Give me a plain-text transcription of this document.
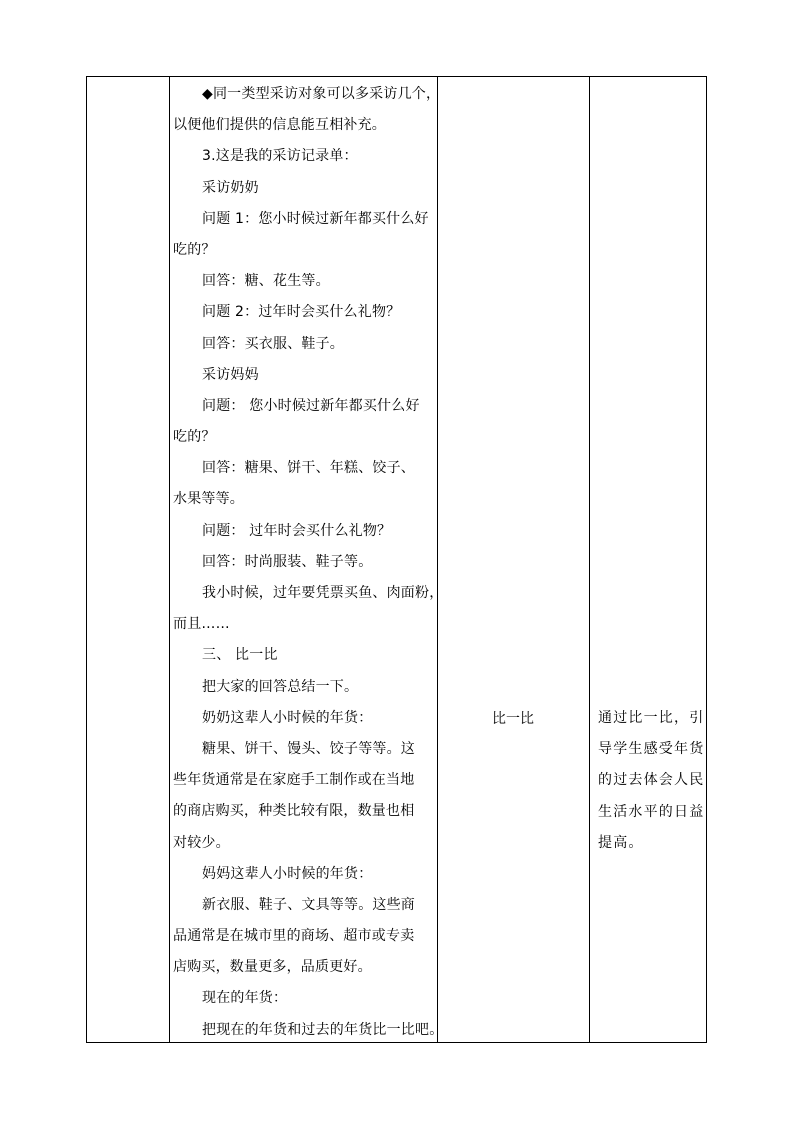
◆同一类型采访对象可以多采访几个，
以便他们提供的信息能互相补充。
3.这是我的采访记录单：
采访奶奶
问题 1：您小时候过新年都买什么好
吃的？
回答：糖、花生等。
问题 2：过年时会买什么礼物？
回答：买衣服、鞋子。
采访妈妈
问题： 您小时候过新年都买什么好
吃的？
回答：糖果、饼干、年糕、饺子、
水果等等。
问题： 过年时会买什么礼物？
回答：时尚服装、鞋子等。
我小时候，过年要凭票买鱼、肉面粉，
而且……
三、 比一比
把大家的回答总结一下。
奶奶这辈人小时候的年货：
糖果、饼干、馒头、饺子等等。这
些年货通常是在家庭手工制作或在当地
的商店购买，种类比较有限，数量也相
对较少。
妈妈这辈人小时候的年货：
新衣服、鞋子、文具等等。这些商
品通常是在城市里的商场、超市或专卖
店购买，数量更多，品质更好。
现在的年货：
把现在的年货和过去的年货比一比吧。
比一比	通过比一比，引
导学生感受年货
的过去体会人民
生活水平的日益
提高。
